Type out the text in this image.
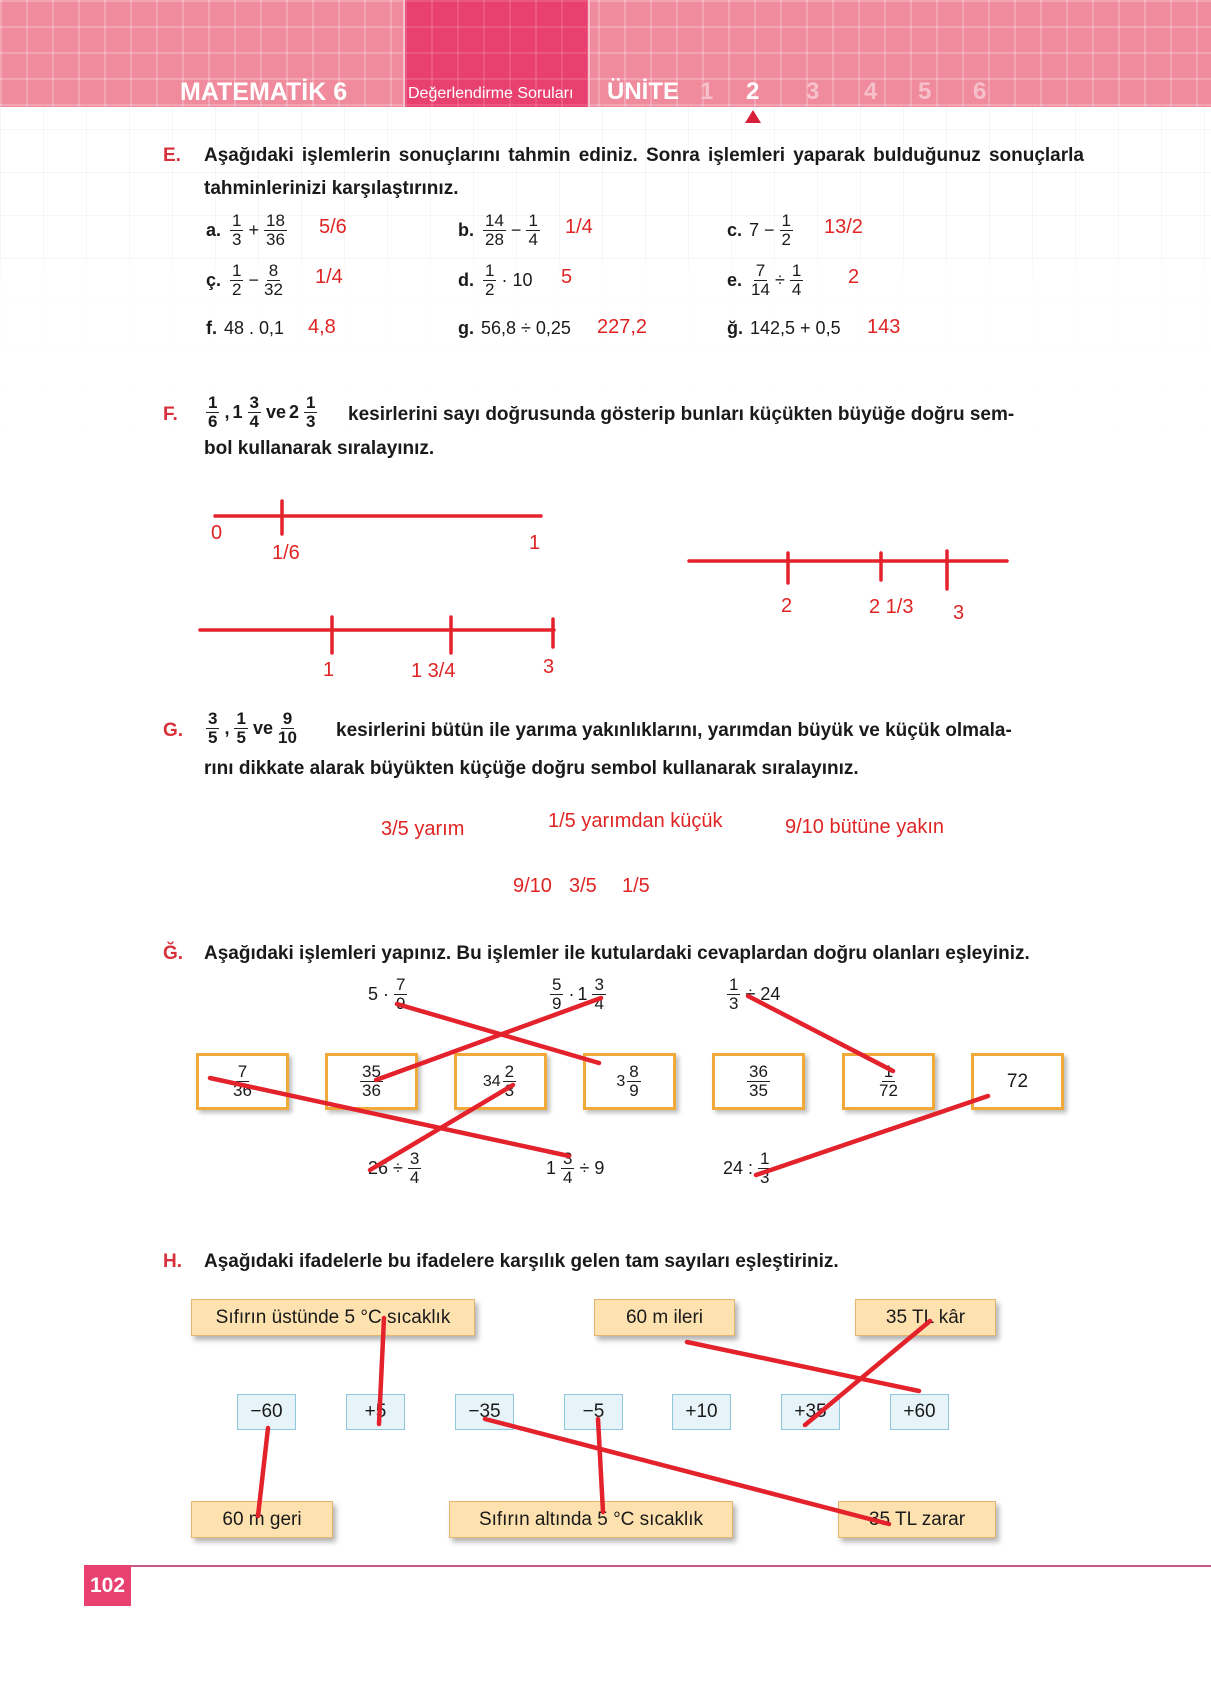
MATEMATİK 6	Değerlendirme Soruları ÜNİTE 1 2 3 4 5 6
E. Aşağıdaki işlemlerin sonuçlarını tahmin ediniz. Sonra işlemleri yaparak bulduğunuz sonuçlarla tahminlerinizi karşılaştırınız.
a. $\frac{1}{3} + \frac{18}{36} 5/6$	b. $\frac{14}{28} - \frac{1}{4} 1/4$	c. $7 - \frac{1}{2} 13/2$
ç. $\frac{1}{2} - \frac{8}{32} 1/4$	d. $\frac{1}{2} \cdot 10$ 5	e. $\frac{7}{14} \div \frac{1}{4} 2$
f. 48 . 0,1 4,8	g. 56,8 ÷ 0,25 227,2	ğ. 142,5 + 0,5 143
F. $\frac{1}{6}$ , $1 \frac{3}{4}$ ve $2 \frac{1}{3}$ kesirlerini sayı doğrusunda gösterip bunları küçükten büyüğe doğru sem-
bol kullanarak sıralayınız.
0
1/6	1
1	1 3/4	3
2	2 1/3 3
G. $\frac{3}{5}$ , $\frac{1}{5}$ ve $\frac{9}{10}$ kesirlerini bütün ile yarıma yakınlıklarını, yarımdan büyük ve küçük olmala-
rını dikkate alarak büyükten küçüğe doğru sembol kullanarak sıralayınız.
3/5 yarım	1/5 yarımdan küçük	9/10 bütüne yakın
9/10 3/5 1/5
Ğ. Aşağıdaki işlemleri yapınız. Bu işlemler ile kutulardaki cevaplardan doğru olanları eşleyiniz.
$5 \cdot \frac{7}{9}$	$\frac{5}{9} \cdot 1 \frac{3}{4}$	$\frac{1}{3} \div 24$
$\frac{7}{36}$	$\frac{35}{36}$	$34 \frac{2}{3}$	$3 \frac{8}{9}$	$\frac{36}{35}$	$\frac{1}{72}$	72
$26 \div \frac{3}{4}$	$1 \frac{3}{4} \div 9$	24 : $\frac{1}{3}$
H. Aşağıdaki ifadelerle bu ifadelere karşılık gelen tam sayıları eşleştiriniz.
Sıfırın üstünde 5 °C sıcaklık	60 m ileri	35 TL kâr
−60	+5	−35	−5	+10	+35	+60
60 m geri	Sıfırın altında 5 °C sıcaklık	35 TL zarar
102
